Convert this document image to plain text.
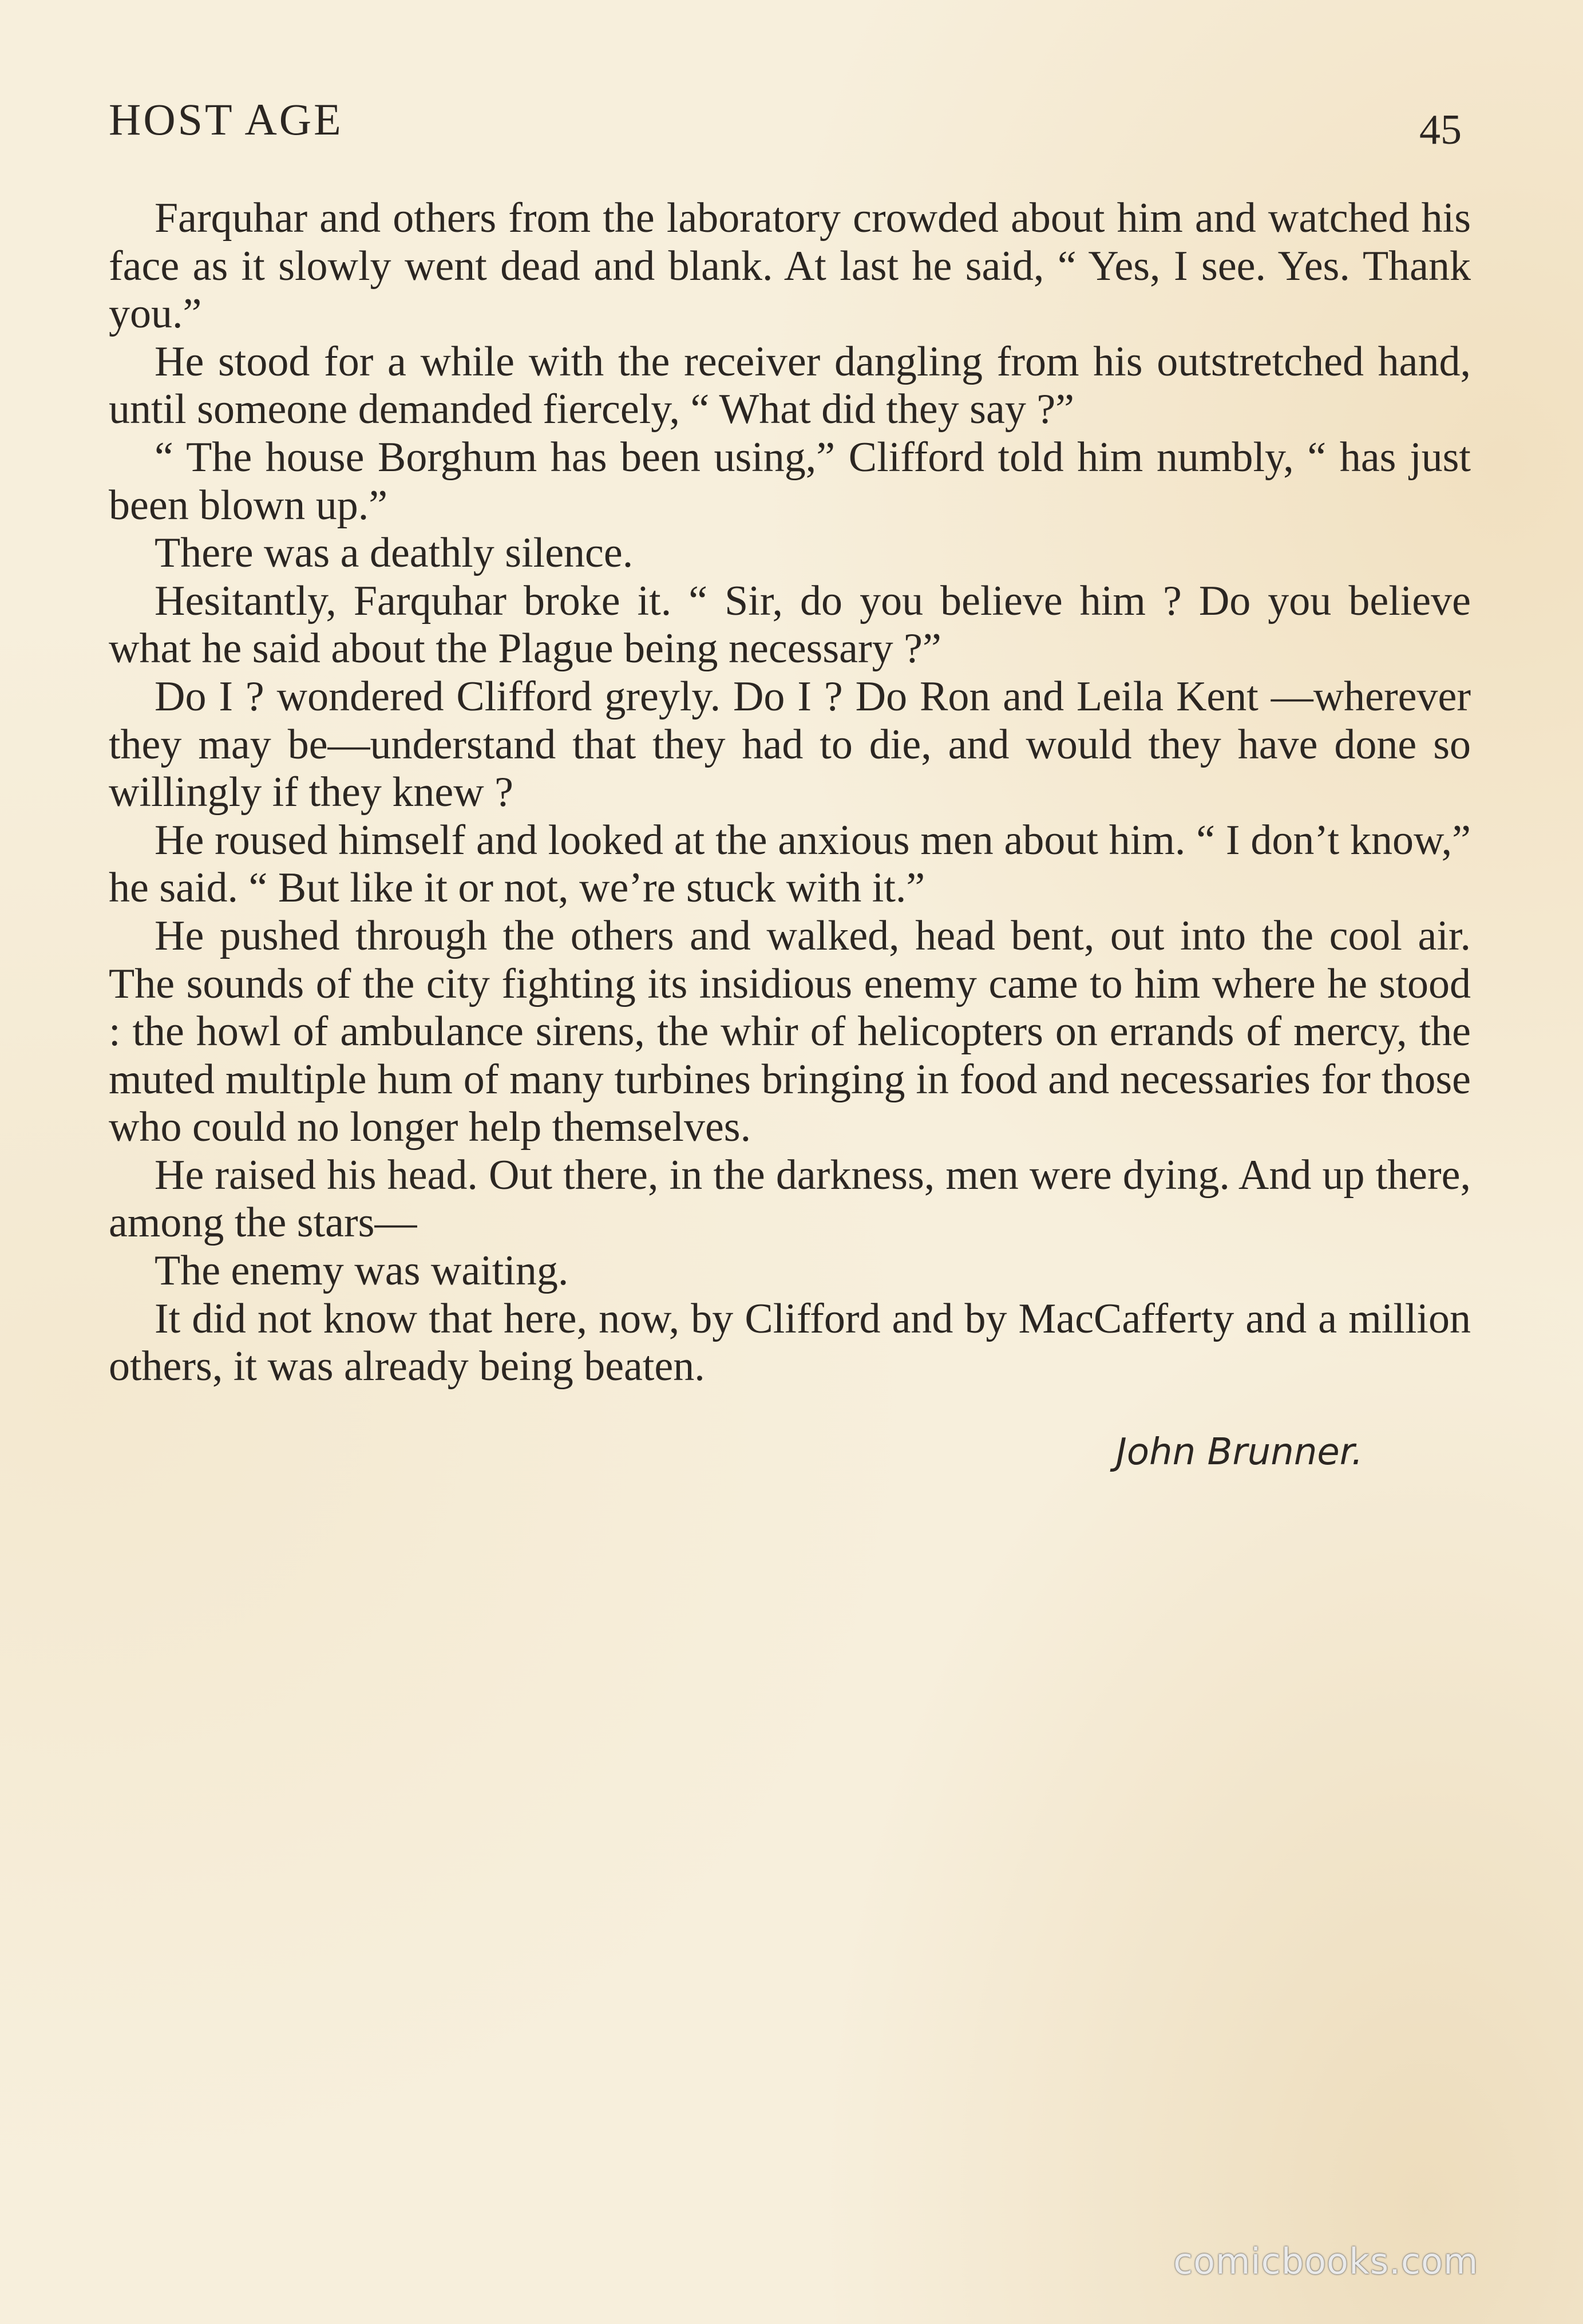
HOST AGE	45

Farquhar and others from the laboratory crowded about him and watched his face as it slowly went dead and blank. At last he said, “ Yes, I see. Yes. Thank you.”

He stood for a while with the receiver dangling from his outstretched hand, until someone demanded fiercely, “ What did they say ?”

“ The house Borghum has been using,” Clifford told him numbly, “ has just been blown up.”

There was a deathly silence.

Hesitantly, Farquhar broke it. “ Sir, do you believe him ? Do you believe what he said about the Plague being necessary ?”

Do I ? wondered Clifford greyly. Do I ? Do Ron and Leila Kent —wherever they may be—understand that they had to die, and would they have done so willingly if they knew ?

He roused himself and looked at the anxious men about him. “ I don’t know,” he said. “ But like it or not, we’re stuck with it.”

He pushed through the others and walked, head bent, out into the cool air. The sounds of the city fighting its insidious enemy came to him where he stood : the howl of ambulance sirens, the whir of helicopters on errands of mercy, the muted multiple hum of many turbines bringing in food and necessaries for those who could no longer help themselves.

He raised his head. Out there, in the darkness, men were dying. And up there, among the stars—

The enemy was waiting.

It did not know that here, now, by Clifford and by MacCafferty and a million others, it was already being beaten.

John Brunner.
comicbooks.com
